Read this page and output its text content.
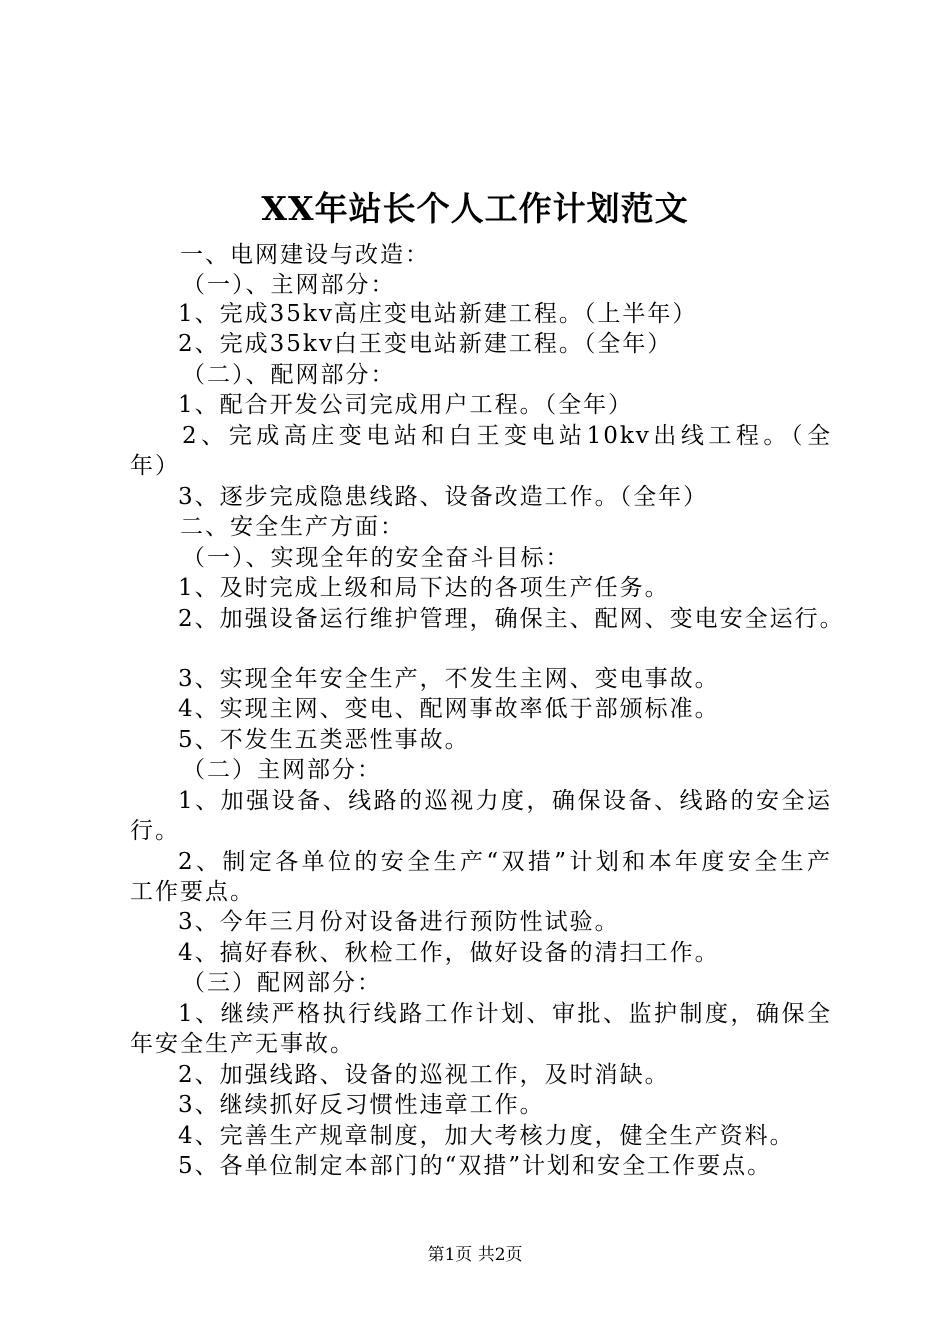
XX年站长个人工作计划范文
一、电网建设与改造：
（一）、主网部分：
1、完成35kv高庄变电站新建工程。（上半年）
2、完成35kv白王变电站新建工程。（全年）
（二）、配网部分：
1、配合开发公司完成用户工程。（全年）
2、完成高庄变电站和白王变电站10kv出线工程。（全
年）
3、逐步完成隐患线路、设备改造工作。（全年）
二、安全生产方面：
（一）、实现全年的安全奋斗目标：
1、及时完成上级和局下达的各项生产任务。
2、加强设备运行维护管理，确保主、配网、变电安全运行。
3、实现全年安全生产，不发生主网、变电事故。
4、实现主网、变电、配网事故率低于部颁标准。
5、不发生五类恶性事故。
（二）主网部分：
1、加强设备、线路的巡视力度，确保设备、线路的安全运
行。
2、制定各单位的安全生产“双措”计划和本年度安全生产
工作要点。
3、今年三月份对设备进行预防性试验。
4、搞好春秋、秋检工作，做好设备的清扫工作。
（三）配网部分：
1、继续严格执行线路工作计划、审批、监护制度，确保全
年安全生产无事故。
2、加强线路、设备的巡视工作，及时消缺。
3、继续抓好反习惯性违章工作。
4、完善生产规章制度，加大考核力度，健全生产资料。
5、各单位制定本部门的“双措”计划和安全工作要点。
第1页 共2页
